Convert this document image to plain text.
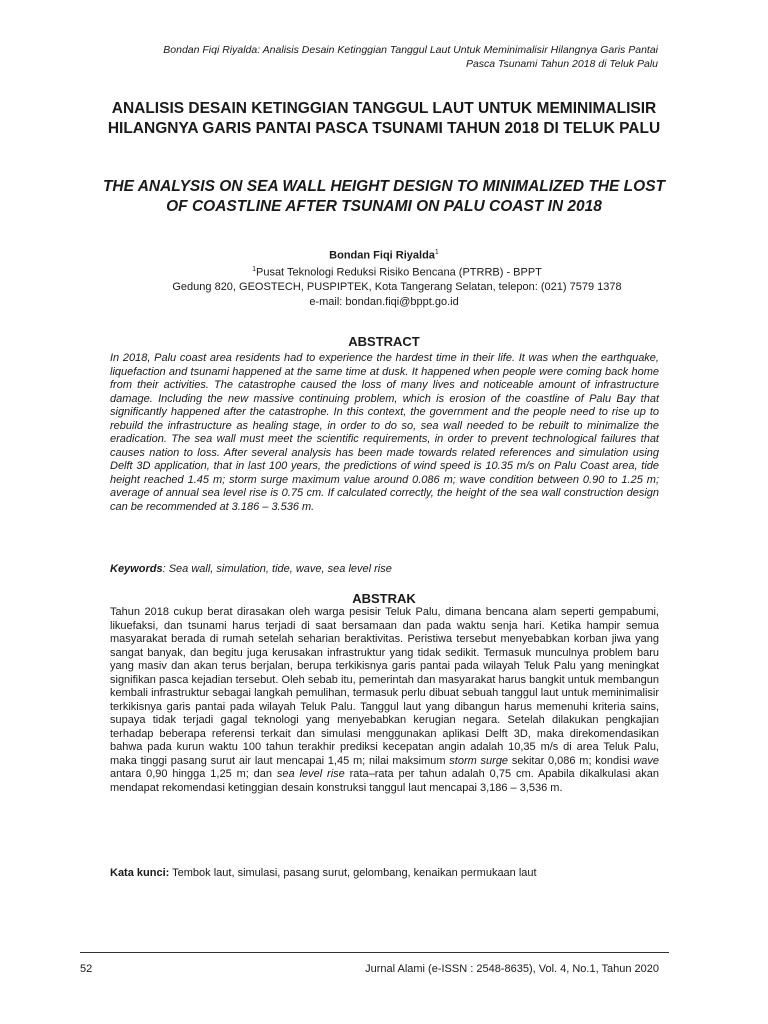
Bondan Fiqi Riyalda: Analisis Desain Ketinggian Tanggul Laut Untuk Meminimalisir Hilangnya Garis Pantai
Pasca Tsunami Tahun 2018 di Teluk Palu
ANALISIS DESAIN KETINGGIAN TANGGUL LAUT UNTUK MEMINIMALISIR HILANGNYA GARIS PANTAI PASCA TSUNAMI TAHUN 2018 DI TELUK PALU
THE ANALYSIS ON SEA WALL HEIGHT DESIGN TO MINIMALIZED THE LOST OF COASTLINE AFTER TSUNAMI ON PALU COAST IN 2018
Bondan Fiqi Riyalda$^1$
$^1$Pusat Teknologi Reduksi Risiko Bencana (PTRRB) - BPPT
Gedung 820, GEOSTECH, PUSPIPTEK, Kota Tangerang Selatan, telepon: (021) 7579 1378
e-mail: bondan.fiqi@bppt.go.id
ABSTRACT
In 2018, Palu coast area residents had to experience the hardest time in their life. It was when the earthquake, liquefaction and tsunami happened at the same time at dusk. It happened when people were coming back home from their activities. The catastrophe caused the loss of many lives and noticeable amount of infrastructure damage. Including the new massive continuing problem, which is erosion of the coastline of Palu Bay that significantly happened after the catastrophe. In this context, the government and the people need to rise up to rebuild the infrastructure as healing stage, in order to do so, sea wall needed to be rebuilt to minimalize the eradication. The sea wall must meet the scientific requirements, in order to prevent technological failures that causes nation to loss. After several analysis has been made towards related references and simulation using Delft 3D application, that in last 100 years, the predictions of wind speed is 10.35 m/s on Palu Coast area, tide height reached 1.45 m; storm surge maximum value around 0.086 m; wave condition between 0.90 to 1.25 m; average of annual sea level rise is 0.75 cm. If calculated correctly, the height of the sea wall construction design can be recommended at 3.186 – 3.536 m.
Keywords: Sea wall, simulation, tide, wave, sea level rise
ABSTRAK

Tahun 2018 cukup berat dirasakan oleh warga pesisir Teluk Palu, dimana bencana alam seperti gempabumi, likuefaksi, dan tsunami harus terjadi di saat bersamaan dan pada waktu senja hari. Ketika hampir semua masyarakat berada di rumah setelah seharian beraktivitas. Peristiwa tersebut menyebabkan korban jiwa yang sangat banyak, dan begitu juga kerusakan infrastruktur yang tidak sedikit. Termasuk munculnya problem baru yang masiv dan akan terus berjalan, berupa terkikisnya garis pantai pada wilayah Teluk Palu yang meningkat signifikan pasca kejadian tersebut. Oleh sebab itu, pemerintah dan masyarakat harus bangkit untuk membangun kembali infrastruktur sebagai langkah pemulihan, termasuk perlu dibuat sebuah tanggul laut untuk meminimalisir terkikisnya garis pantai pada wilayah Teluk Palu. Tanggul laut yang dibangun harus memenuhi kriteria sains, supaya tidak terjadi gagal teknologi yang menyebabkan kerugian negara. Setelah dilakukan pengkajian terhadap beberapa referensi terkait dan simulasi menggunakan aplikasi Delft 3D, maka direkomendasikan bahwa pada kurun waktu 100 tahun terakhir prediksi kecepatan angin adalah 10,35 m/s di area Teluk Palu, maka tinggi pasang surut air laut mencapai 1,45 m; nilai maksimum storm surge sekitar 0,086 m; kondisi wave antara 0,90 hingga 1,25 m; dan sea level rise rata–rata per tahun adalah 0,75 cm. Apabila dikalkulasi akan mendapat rekomendasi ketinggian desain konstruksi tanggul laut mencapai 3,186 – 3,536 m.

Kata kunci: Tembok laut, simulasi, pasang surut, gelombang, kenaikan permukaan laut
52	Jurnal Alami (e-ISSN : 2548-8635), Vol. 4, No.1, Tahun 2020
